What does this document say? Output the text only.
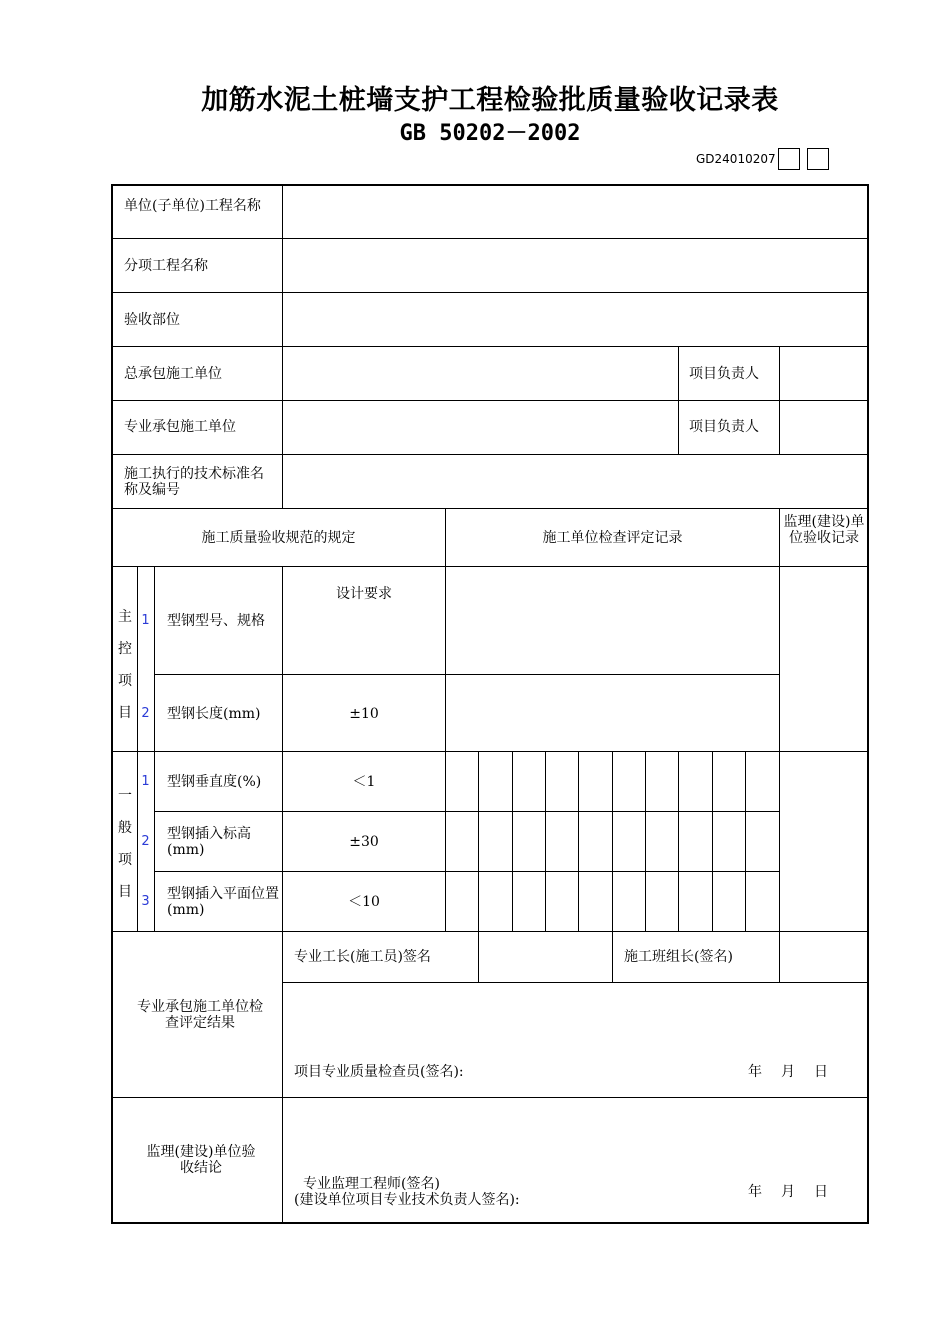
加筋水泥土桩墙支护工程检验批质量验收记录表
GB 50202－2002
GD24010207
单位(子单位)工程名称
分项工程名称
验收部位
总承包施工单位	项目负责人
专业承包施工单位	项目负责人
施工执行的技术标准名称及编号
施工质量验收规范的规定	施工单位检查评定记录
监理(建设)单位验收记录
主控项目
1	型钢型号、规格
设计要求
2	型钢长度(mm)	±10
一般项目
1	型钢垂直度(%)	＜1
2	型钢插入标高(mm)	±30
3	型钢插入平面位置(mm)	＜10
专业工长(施工员)签名	施工班组长(签名)
专业承包施工单位检查评定结果
项目专业质量检查员(签名):	年 月 日
监理(建设)单位验收结论
专业监理工程师(签名)
(建设单位项目专业技术负责人签名):	年 月 日
